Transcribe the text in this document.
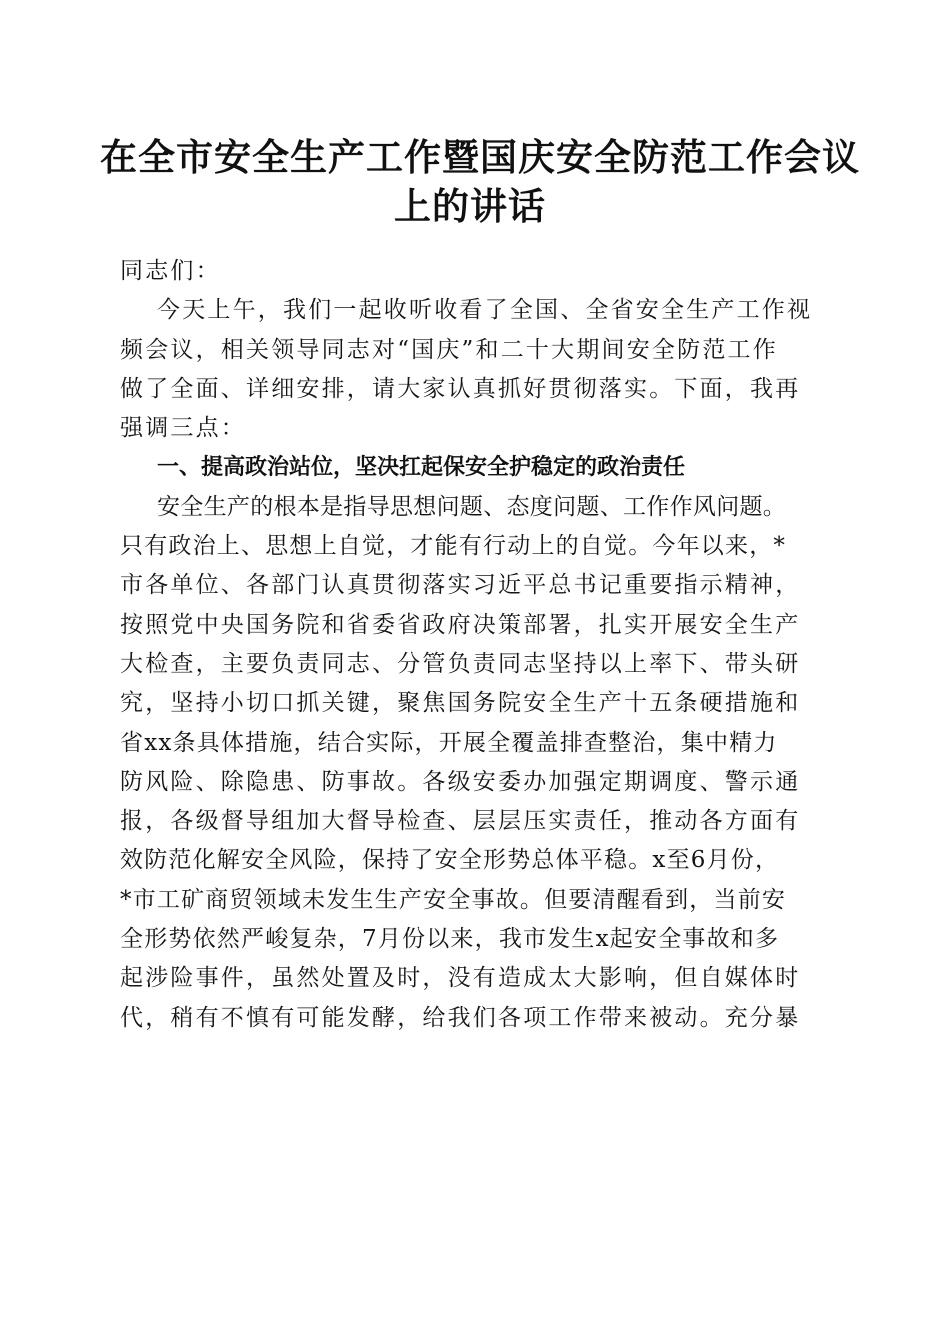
在全市安全生产工作暨国庆安全防范工作会议
上的讲话
同志们：
今天上午，我们一起收听收看了全国、全省安全生产工作视
频会议，相关领导同志对“国庆”和二十大期间安全防范工作
做了全面、详细安排，请大家认真抓好贯彻落实。下面，我再
强调三点：
一、提高政治站位，坚决扛起保安全护稳定的政治责任
安全生产的根本是指导思想问题、态度问题、工作作风问题。
只有政治上、思想上自觉，才能有行动上的自觉。今年以来，*
市各单位、各部门认真贯彻落实习近平总书记重要指示精神，
按照党中央国务院和省委省政府决策部署，扎实开展安全生产
大检查，主要负责同志、分管负责同志坚持以上率下、带头研
究，坚持小切口抓关键，聚焦国务院安全生产十五条硬措施和
省xx条具体措施，结合实际，开展全覆盖排查整治，集中精力
防风险、除隐患、防事故。各级安委办加强定期调度、警示通
报，各级督导组加大督导检查、层层压实责任，推动各方面有
效防范化解安全风险，保持了安全形势总体平稳。x至6月份，
*市工矿商贸领域未发生生产安全事故。但要清醒看到，当前安
全形势依然严峻复杂，7月份以来，我市发生x起安全事故和多
起涉险事件，虽然处置及时，没有造成太大影响，但自媒体时
代，稍有不慎有可能发酵，给我们各项工作带来被动。充分暴
